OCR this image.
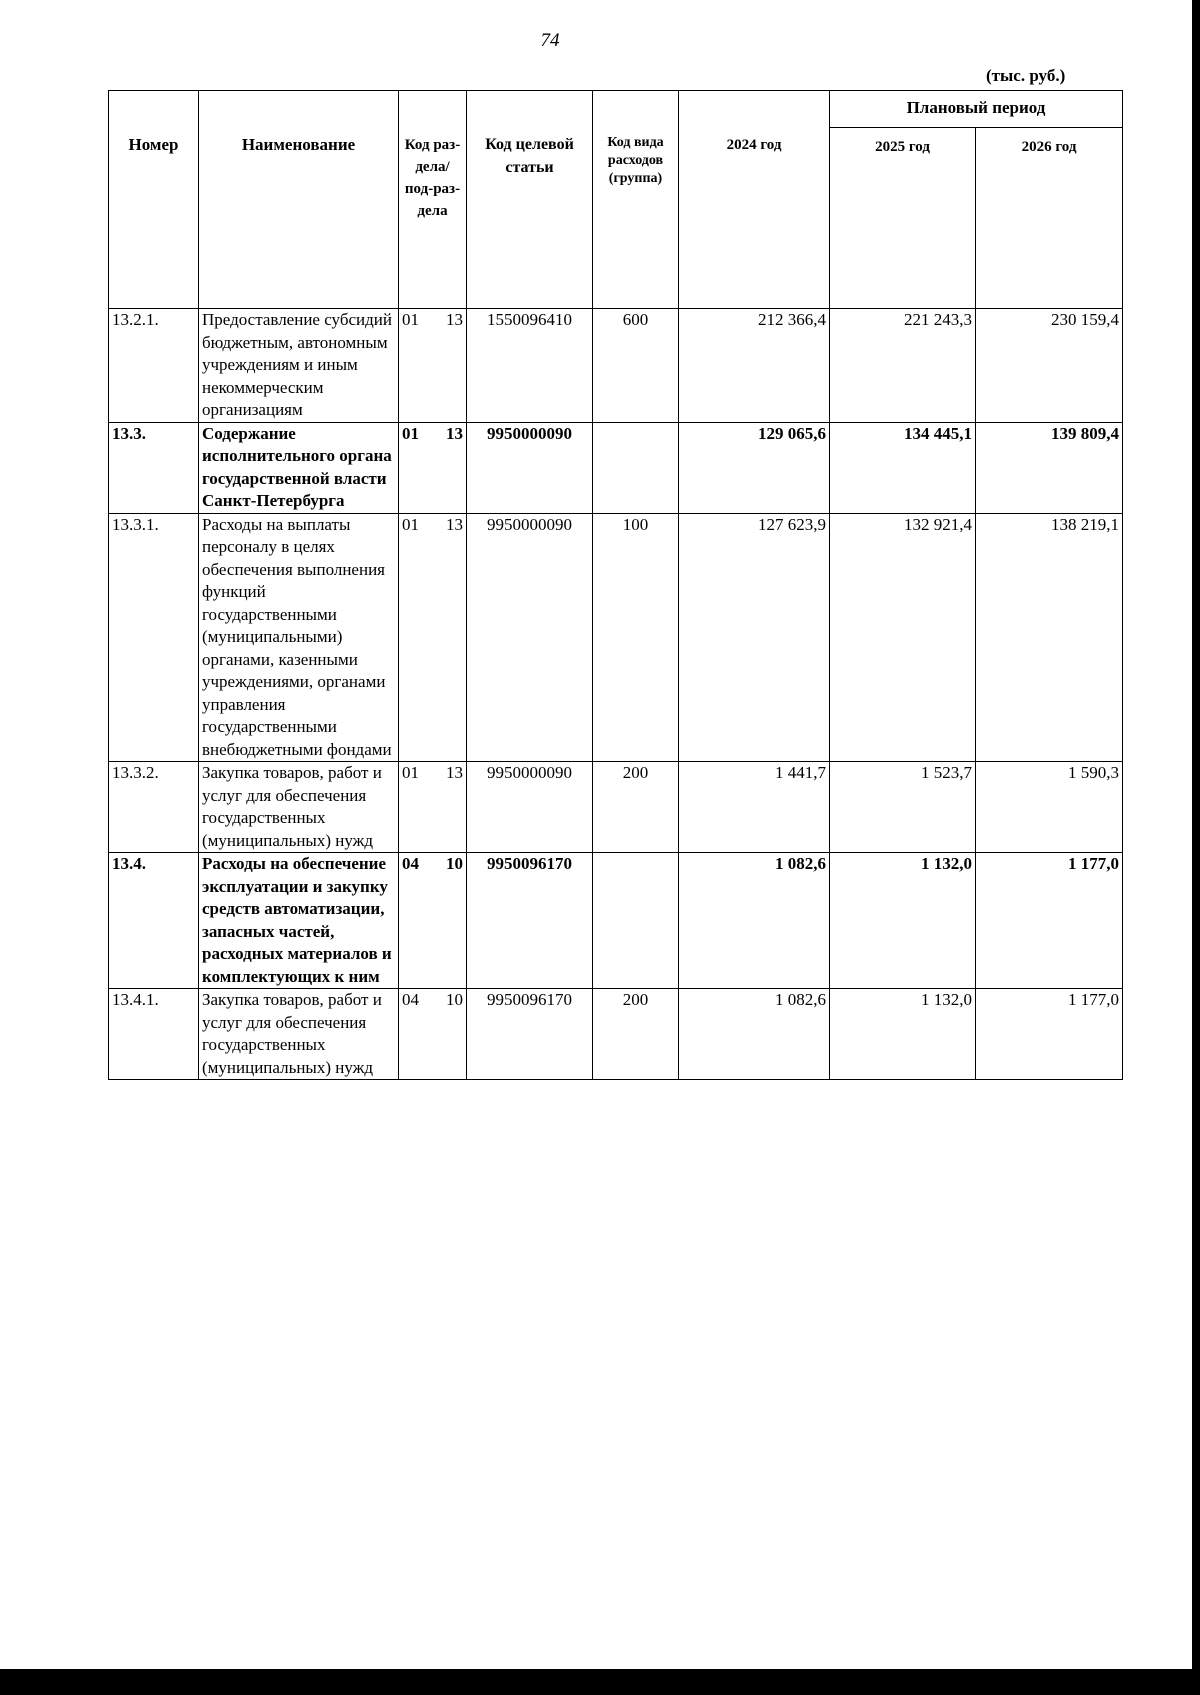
74
(тыс. руб.)
Номер	Наименование	Код раз-дела/ под-раз-дела	Код целевой статьи	Код вида расходов (группа)	2024 год	Плановый период	
						2025 год	2026 год
13.2.1.	Предоставление субсидий бюджетным, автономным учреждениям и иным некоммерческим организациям	01 13	1550096410	600	212 366,4	221 243,3	230 159,4
13.3.	Содержание исполнительного органа государственной власти Санкт-Петербурга	01 13	9950000090		129 065,6	134 445,1	139 809,4
13.3.1.	Расходы на выплаты персоналу в целях обеспечения выполнения функций государственными (муниципальными) органами, казенными учреждениями, органами управления государственными внебюджетными фондами	01 13	9950000090	100	127 623,9	132 921,4	138 219,1
13.3.2.	Закупка товаров, работ и услуг для обеспечения государственных (муниципальных) нужд	01 13	9950000090	200	1 441,7	1 523,7	1 590,3
13.4.	Расходы на обеспечение эксплуатации и закупку средств автоматизации, запасных частей, расходных материалов и комплектующих к ним	04 10	9950096170		1 082,6	1 132,0	1 177,0
13.4.1.	Закупка товаров, работ и услуг для обеспечения государственных (муниципальных) нужд	04 10	9950096170	200	1 082,6	1 132,0	1 177,0
